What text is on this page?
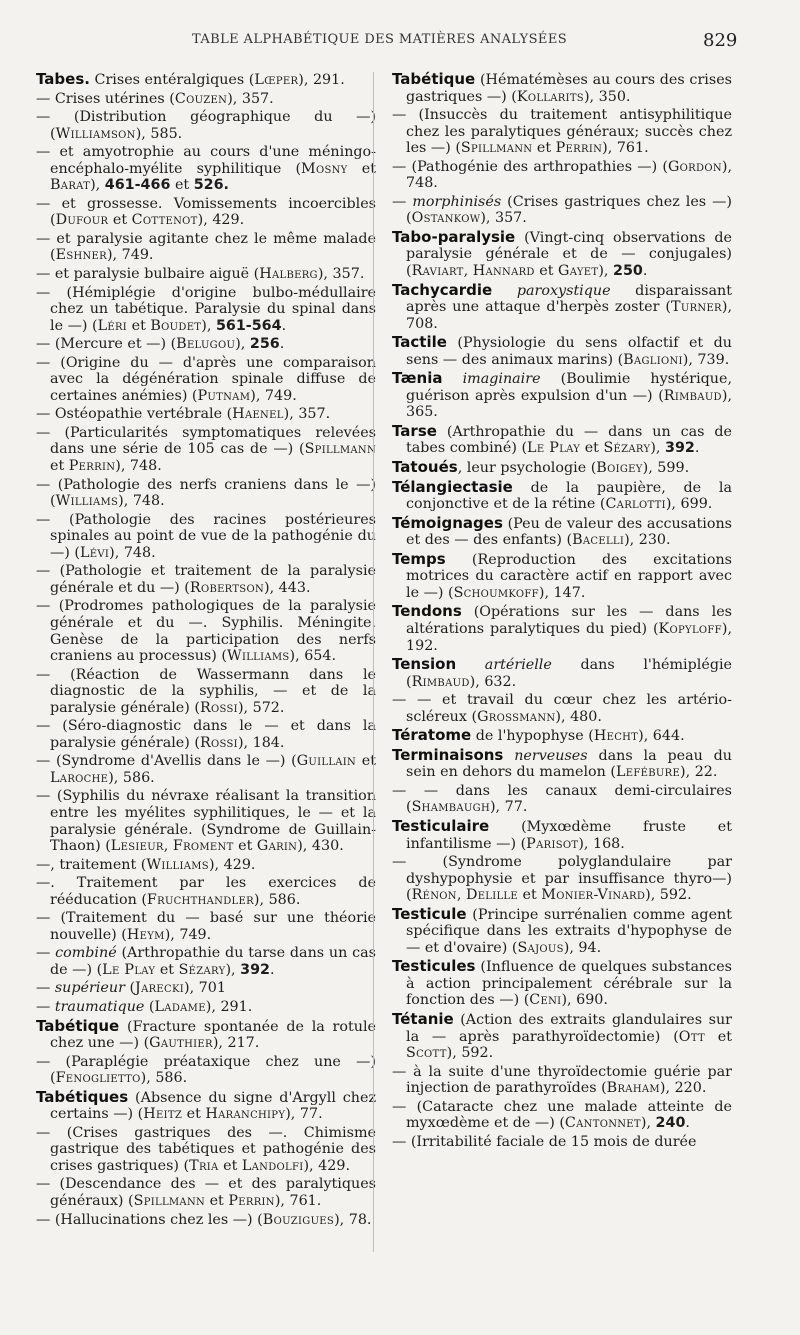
TABLE ALPHABÉTIQUE DES MATIÈRES ANALYSÉES	829

Tabes. Crises entéralgiques (Lœper), 291.

— Crises utérines (Couzen), 357.

— (Distribution géographique du —) (Williamson), 585.

— et amyotrophie au cours d'une méningo-encéphalo-myélite syphilitique (Mosny et Barat), 461-466 et 526.

— et grossesse. Vomissements incoercibles (Dufour et Cottenot), 429.

— et paralysie agitante chez le même malade (Eshner), 749.

— et paralysie bulbaire aiguë (Halberg), 357.

— (Hémiplégie d'origine bulbo-médullaire chez un tabétique. Paralysie du spinal dans le —) (Léri et Boudet), 561-564.

— (Mercure et —) (Belugou), 256.

— (Origine du — d'après une comparaison avec la dégénération spinale diffuse de certaines anémies) (Putnam), 749.

— Ostéopathie vertébrale (Haenel), 357.

— (Particularités symptomatiques relevées dans une série de 105 cas de —) (Spillmann et Perrin), 748.

— (Pathologie des nerfs craniens dans le —) (Williams), 748.

— (Pathologie des racines postérieures spinales au point de vue de la pathogénie du —) (Lévi), 748.

— (Pathologie et traitement de la paralysie générale et du —) (Robertson), 443.

— (Prodromes pathologiques de la paralysie générale et du —. Syphilis. Méningite. Genèse de la participation des nerfs craniens au processus) (Williams), 654.

— (Réaction de Wassermann dans le diagnostic de la syphilis, — et de la paralysie générale) (Rossi), 572.

— (Séro-diagnostic dans le — et dans la paralysie générale) (Rossi), 184.

— (Syndrome d'Avellis dans le —) (Guillain et Laroche), 586.

— (Syphilis du névraxe réalisant la transition entre les myélites syphilitiques, le — et la paralysie générale. (Syndrome de Guillain-Thaon) (Lesieur, Froment et Garin), 430.

—, traitement (Williams), 429.

—. Traitement par les exercices de rééducation (Fruchthandler), 586.

— (Traitement du — basé sur une théorie nouvelle) (Heym), 749.

— combiné (Arthropathie du tarse dans un cas de —) (Le Play et Sézary), 392.

— supérieur (Jarecki), 701

— traumatique (Ladame), 291.

Tabétique (Fracture spontanée de la rotule chez une —) (Gauthier), 217.

— (Paraplégie préataxique chez une —) (Fenoglietto), 586.

Tabétiques (Absence du signe d'Argyll chez certains —) (Heitz et Haranchipy), 77.

— (Crises gastriques des —. Chimisme gastrique des tabétiques et pathogénie des crises gastriques) (Tria et Landolfi), 429.

— (Descendance des — et des paralytiques généraux) (Spillmann et Perrin), 761.

— (Hallucinations chez les —) (Bouzigues), 78.

Tabétique (Hématémèses au cours des crises gastriques —) (Kollarits), 350.

— (Insuccès du traitement antisyphilitique chez les paralytiques généraux; succès chez les —) (Spillmann et Perrin), 761.

— (Pathogénie des arthropathies —) (Gordon), 748.

— morphinisés (Crises gastriques chez les —) (Ostankow), 357.

Tabo-paralysie (Vingt-cinq observations de paralysie générale et de — conjugales) (Raviart, Hannard et Gayet), 250.

Tachycardie paroxystique disparaissant après une attaque d'herpès zoster (Turner), 708.

Tactile (Physiologie du sens olfactif et du sens — des animaux marins) (Baglioni), 739.

Tænia imaginaire (Boulimie hystérique, guérison après expulsion d'un —) (Rimbaud), 365.

Tarse (Arthropathie du — dans un cas de tabes combiné) (Le Play et Sézary), 392.

Tatoués, leur psychologie (Boigey), 599.

Télangiectasie de la paupière, de la conjonctive et de la rétine (Carlotti), 699.

Témoignages (Peu de valeur des accusations et des — des enfants) (Bacelli), 230.

Temps (Reproduction des excitations motrices du caractère actif en rapport avec le —) (Schoumkoff), 147.

Tendons (Opérations sur les — dans les altérations paralytiques du pied) (Kopyloff), 192.

Tension artérielle dans l'hémiplégie (Rimbaud), 632.

— — et travail du cœur chez les artério-scléreux (Grossmann), 480.

Tératome de l'hypophyse (Hecht), 644.

Terminaisons nerveuses dans la peau du sein en dehors du mamelon (Lefébure), 22.

— — dans les canaux demi-circulaires (Shambaugh), 77.

Testiculaire (Myxœdème fruste et infantilisme —) (Parisot), 168.

— (Syndrome polyglandulaire par dyshypophysie et par insuffisance thyro—) (Rénon, Delille et Monier-Vinard), 592.

Testicule (Principe surrénalien comme agent spécifique dans les extraits d'hypophyse de — et d'ovaire) (Sajous), 94.

Testicules (Influence de quelques substances à action principalement cérébrale sur la fonction des —) (Ceni), 690.

Tétanie (Action des extraits glandulaires sur la — après parathyroïdectomie) (Ott et Scott), 592.

— à la suite d'une thyroïdectomie guérie par injection de parathyroïdes (Braham), 220.

— (Cataracte chez une malade atteinte de myxœdème et de —) (Cantonnet), 240.

— (Irritabilité faciale de 15 mois de durée
